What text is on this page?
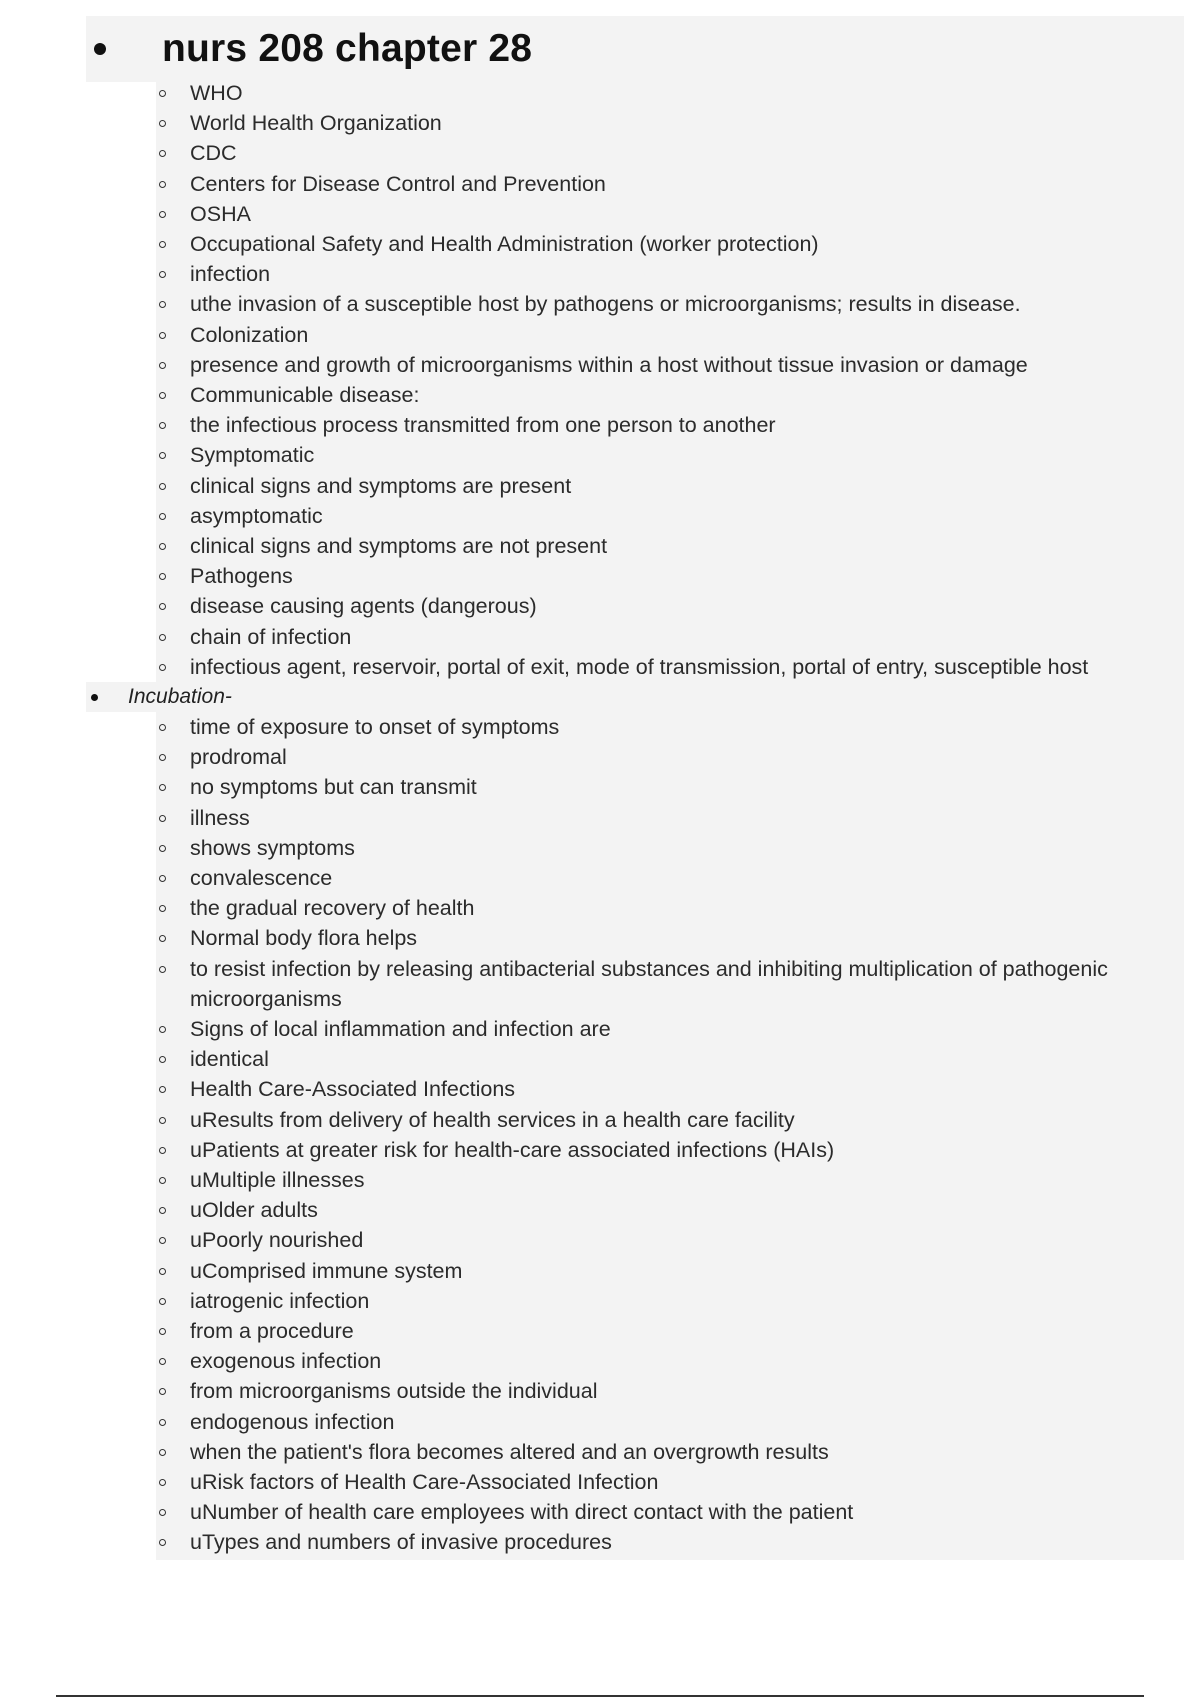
nurs 208 chapter 28
WHO
World Health Organization
CDC
Centers for Disease Control and Prevention
OSHA
Occupational Safety and Health Administration (worker protection)
infection
uthe invasion of a susceptible host by pathogens or microorganisms; results in disease.
Colonization
presence and growth of microorganisms within a host without tissue invasion or damage
Communicable disease:
the infectious process transmitted from one person to another
Symptomatic
clinical signs and symptoms are present
asymptomatic
clinical signs and symptoms are not present
Pathogens
disease causing agents (dangerous)
chain of infection
infectious agent, reservoir, portal of exit, mode of transmission, portal of entry, susceptible host
Incubation-
time of exposure to onset of symptoms
prodromal
no symptoms but can transmit
illness
shows symptoms
convalescence
the gradual recovery of health
Normal body flora helps
to resist infection by releasing antibacterial substances and inhibiting multiplication of pathogenic microorganisms
Signs of local inflammation and infection are
identical
Health Care-Associated Infections
uResults from delivery of health services in a health care facility
uPatients at greater risk for health-care associated infections (HAIs)
uMultiple illnesses
uOlder adults
uPoorly nourished
uComprised immune system
iatrogenic infection
from a procedure
exogenous infection
from microorganisms outside the individual
endogenous infection
when the patient's flora becomes altered and an overgrowth results
uRisk factors of Health Care-Associated Infection
uNumber of health care employees with direct contact with the patient
uTypes and numbers of invasive procedures
